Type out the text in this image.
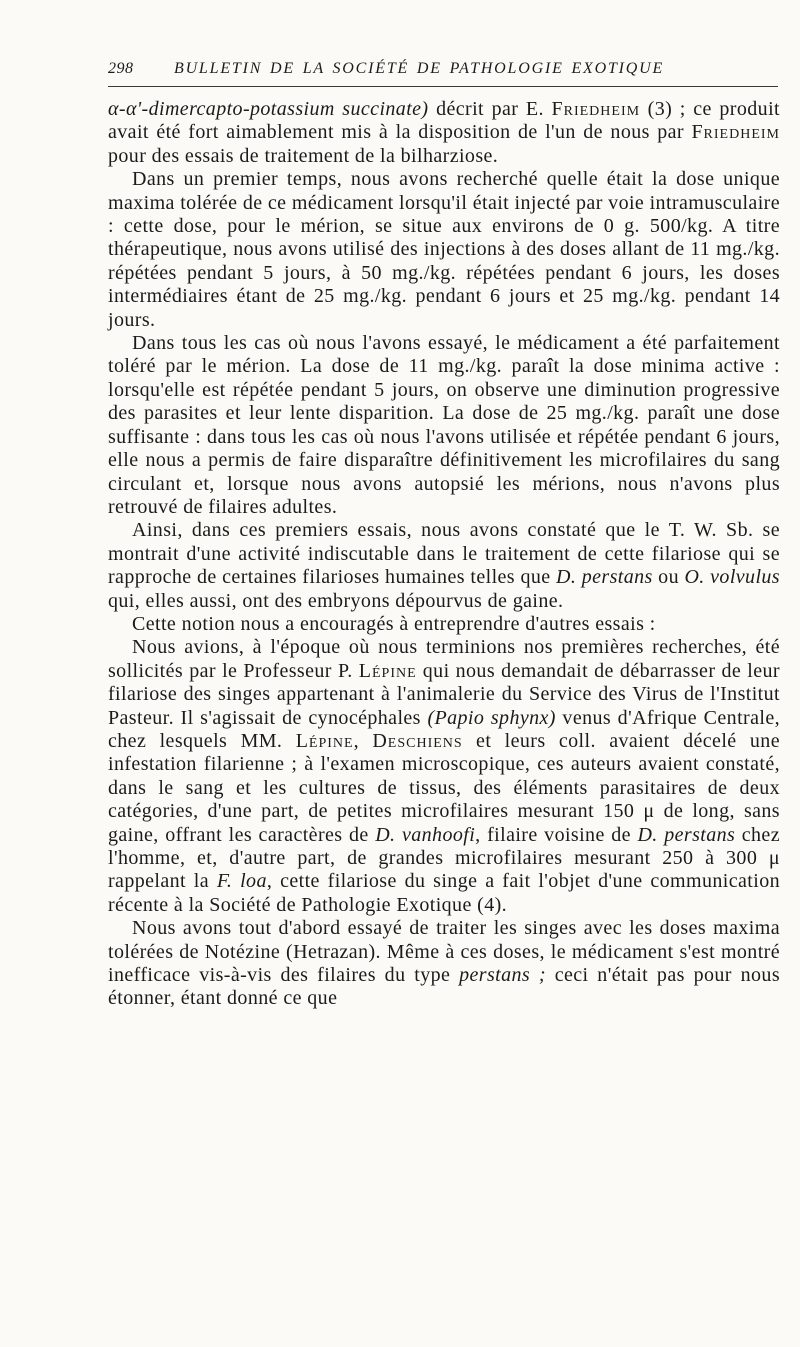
298	BULLETIN DE LA SOCIÉTÉ DE PATHOLOGIE EXOTIQUE

α-α'-dimercapto-potassium succinate) décrit par E. Friedheim (3) ; ce produit avait été fort aimablement mis à la disposition de l'un de nous par Friedheim pour des essais de traitement de la bilharziose.

Dans un premier temps, nous avons recherché quelle était la dose unique maxima tolérée de ce médicament lorsqu'il était injecté par voie intramusculaire : cette dose, pour le mérion, se situe aux environs de 0 g. 500/kg. A titre thérapeutique, nous avons utilisé des injections à des doses allant de 11 mg./kg. répétées pendant 5 jours, à 50 mg./kg. répétées pendant 6 jours, les doses intermédiaires étant de 25 mg./kg. pendant 6 jours et 25 mg./kg. pendant 14 jours.

Dans tous les cas où nous l'avons essayé, le médicament a été parfaitement toléré par le mérion. La dose de 11 mg./kg. paraît la dose minima active : lorsqu'elle est répétée pendant 5 jours, on observe une diminution progressive des parasites et leur lente disparition. La dose de 25 mg./kg. paraît une dose suffisante : dans tous les cas où nous l'avons utilisée et répétée pendant 6 jours, elle nous a permis de faire disparaître définitivement les microfilaires du sang circulant et, lorsque nous avons autopsié les mérions, nous n'avons plus retrouvé de filaires adultes.

Ainsi, dans ces premiers essais, nous avons constaté que le T. W. Sb. se montrait d'une activité indiscutable dans le traitement de cette filariose qui se rapproche de certaines filarioses humaines telles que D. perstans ou O. volvulus qui, elles aussi, ont des embryons dépourvus de gaine.

Cette notion nous a encouragés à entreprendre d'autres essais :

Nous avions, à l'époque où nous terminions nos premières recherches, été sollicités par le Professeur P. Lépine qui nous demandait de débarrasser de leur filariose des singes appartenant à l'animalerie du Service des Virus de l'Institut Pasteur. Il s'agissait de cynocéphales (Papio sphynx) venus d'Afrique Centrale, chez lesquels MM. Lépine, Deschiens et leurs coll. avaient décelé une infestation filarienne ; à l'examen microscopique, ces auteurs avaient constaté, dans le sang et les cultures de tissus, des éléments parasitaires de deux catégories, d'une part, de petites microfilaires mesurant 150 μ de long, sans gaine, offrant les caractères de D. vanhoofi, filaire voisine de D. perstans chez l'homme, et, d'autre part, de grandes microfilaires mesurant 250 à 300 μ rappelant la F. loa, cette filariose du singe a fait l'objet d'une communication récente à la Société de Pathologie Exotique (4).

Nous avons tout d'abord essayé de traiter les singes avec les doses maxima tolérées de Notézine (Hetrazan). Même à ces doses, le médicament s'est montré inefficace vis-à-vis des filaires du type perstans ; ceci n'était pas pour nous étonner, étant donné ce que
